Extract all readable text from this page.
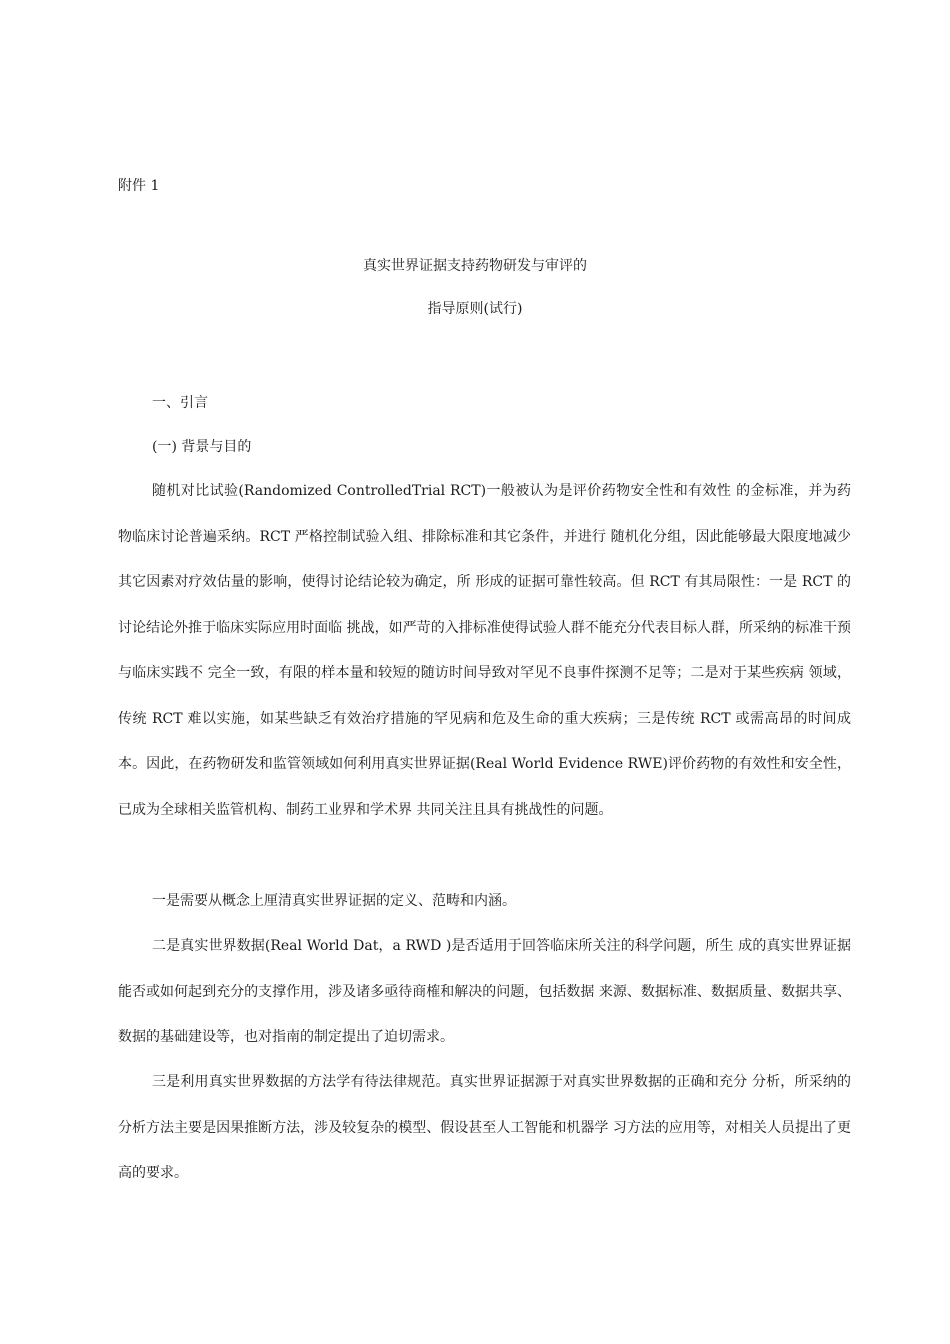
附件 1
真实世界证据支持药物研发与审评的
指导原则(试行)
一、引言
(一) 背景与目的

随机对比试验(Randomized ControlledTrial RCT)一般被认为是评价药物安全性和有效性 的金标准，并为药物临床讨论普遍采纳。RCT 严格控制试验入组、排除标准和其它条件，并进行 随机化分组，因此能够最大限度地减少其它因素对疗效估量的影响，使得讨论结论较为确定，所 形成的证据可靠性较高。但 RCT 有其局限性：一是 RCT 的讨论结论外推于临床实际应用时面临 挑战，如严苛的入排标准使得试验人群不能充分代表目标人群，所采纳的标准干预与临床实践不 完全一致，有限的样本量和较短的随访时间导致对罕见不良事件探测不足等；二是对于某些疾病 领域，传统 RCT 难以实施，如某些缺乏有效治疗措施的罕见病和危及生命的重大疾病；三是传统 RCT 或需高昂的时间成本。因此，在药物研发和监管领域如何利用真实世界证据(Real World Evidence RWE)评价药物的有效性和安全性，已成为全球相关监管机构、制药工业界和学术界 共同关注且具有挑战性的问题。

一是需要从概念上厘清真实世界证据的定义、范畴和内涵。

二是真实世界数据(Real World Dat，a RWD )是否适用于回答临床所关注的科学问题，所生 成的真实世界证据能否或如何起到充分的支撑作用，涉及诸多亟待商榷和解决的问题，包括数据 来源、数据标准、数据质量、数据共享、数据的基础建设等，也对指南的制定提出了迫切需求。

三是利用真实世界数据的方法学有待法律规范。真实世界证据源于对真实世界数据的正确和充分 分析，所采纳的分析方法主要是因果推断方法，涉及较复杂的模型、假设甚至人工智能和机器学 习方法的应用等，对相关人员提出了更高的要求。
